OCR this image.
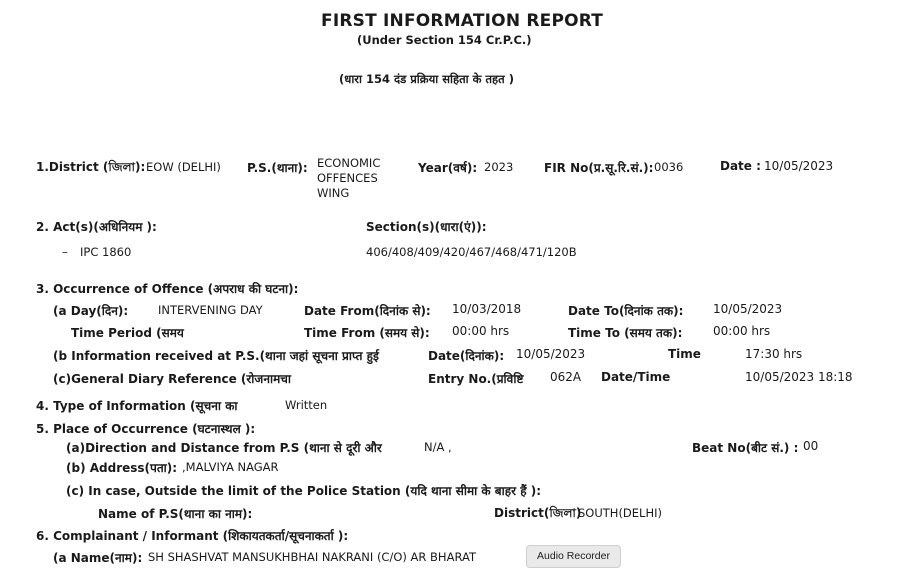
FIRST INFORMATION REPORT
(Under Section 154 Cr.P.C.)
(धारा 154 दंड प्रक्रिया सहिता के तहत )
1.District (জিলা): EOW (DELHI) P.S.(थाना): ECONOMIC
OFFENCES
WING
Year(वर्ष): 2023	FIR No(प्र.सू.रि.सं.): 0036	Date : 10/05/2023
2. Act(s)(अधिनियम ):	Section(s)(धारा(एं)):
– IPC 1860	406/408/409/420/467/468/471/120B
3. Occurrence of Offence (अपराध की घटना):
(a Day(दिन):	INTERVENING DAY	Date From(दिनांक से): 10/03/2018	Date To(दिनांक तक): 10/05/2023
Time Period (समय	Time From (समय से): 00:00 hrs	Time To (समय तक):	00:00 hrs
(b Information received at P.S.(थाना जहां सूचना प्राप्त हुई	Date(दिनांक): 10/05/2023	Time	17:30 hrs
(c)General Diary Reference (रोजनामचा	Entry No.(प्रविष्टि 062A Date/Time	10/05/2023 18:18
4. Type of Information (सूचना का	Written
5. Place of Occurrence (घटनास्थल ):
(a)Direction and Distance from P.S (थाना से दूरी और	N/A ,	Beat No(बीट सं.) : 00
(b) Address(पता): ,MALVIYA NAGAR
(c) In case, Outside the limit of the Police Station (यदि थाना सीमा के बाहर हैं ):
Name of P.S(थाना का नाम):	District(জিলা)
SOUTH(DELHI)
6. Complainant / Informant (शिकायतकर्ता/सूचनाकर्ता ):
(a Name(नाम): SH SHASHVAT MANSUKHBHAI NAKRANI (C/O) AR BHARAT	Audio Recorder
